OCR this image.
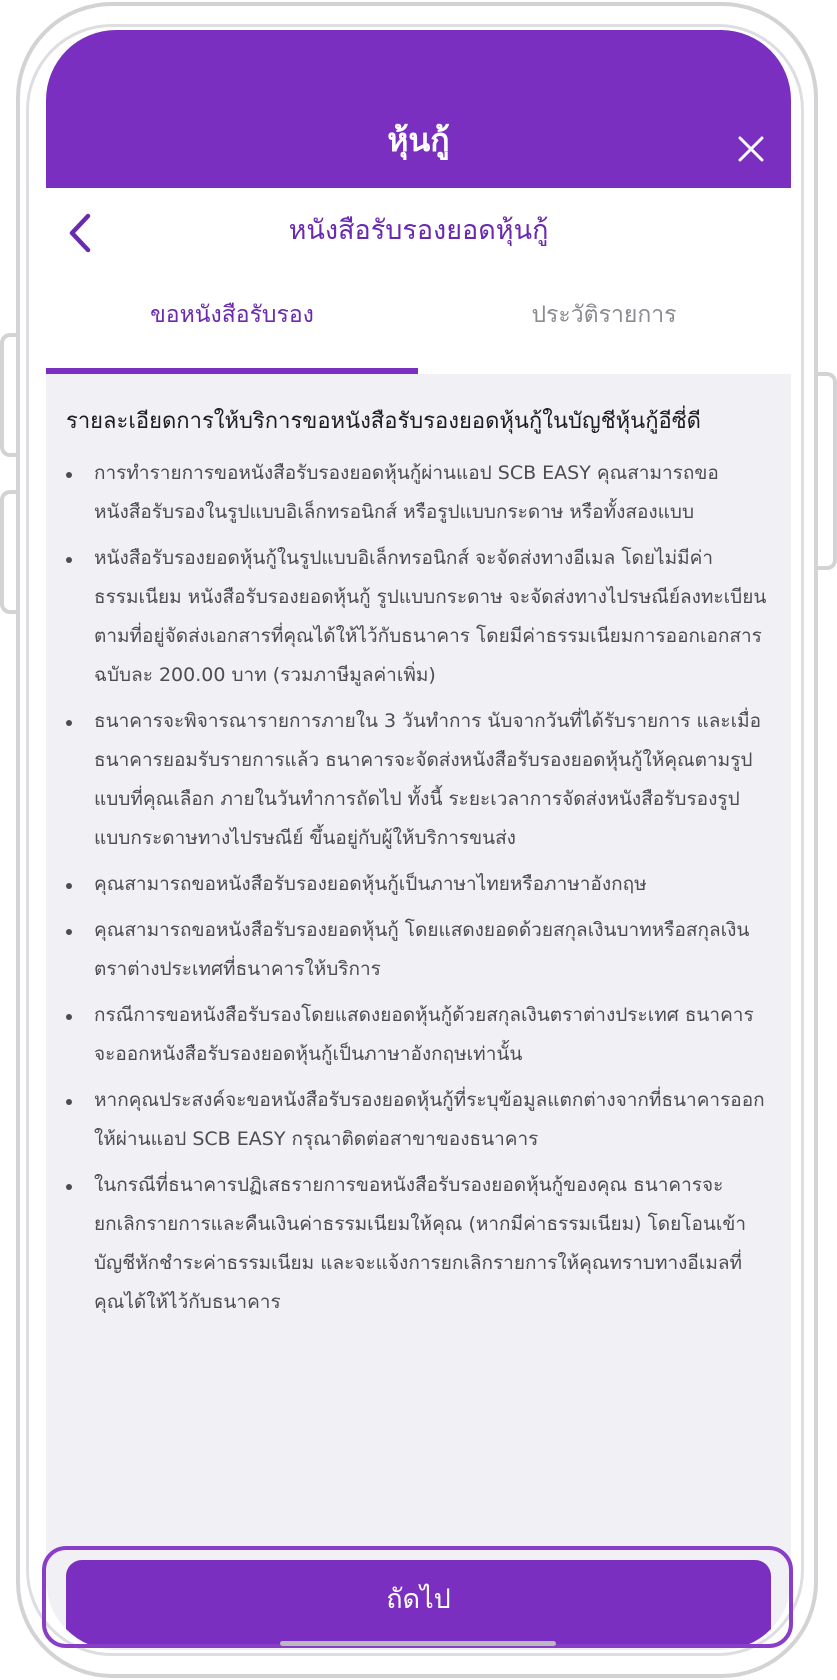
หุ้นกู้
หนังสือรับรองยอดหุ้นกู้
ขอหนังสือรับรอง	ประวัติรายการ
รายละเอียดการให้บริการขอหนังสือรับรองยอดหุ้นกู้ในบัญชีหุ้นกู้อีซี่ดี
การทำรายการขอหนังสือรับรองยอดหุ้นกู้ผ่านแอป SCB EASY คุณสามารถขอหนังสือรับรองในรูปแบบอิเล็กทรอนิกส์ หรือรูปแบบกระดาษ หรือทั้งสองแบบ
หนังสือรับรองยอดหุ้นกู้ในรูปแบบอิเล็กทรอนิกส์ จะจัดส่งทางอีเมล โดยไม่มีค่าธรรมเนียม หนังสือรับรองยอดหุ้นกู้ รูปแบบกระดาษ จะจัดส่งทางไปรษณีย์ลงทะเบียน ตามที่อยู่จัดส่งเอกสารที่คุณได้ให้ไว้กับธนาคาร โดยมีค่าธรรมเนียมการออกเอกสารฉบับละ 200.00 บาท (รวมภาษีมูลค่าเพิ่ม)
ธนาคารจะพิจารณารายการภายใน 3 วันทำการ นับจากวันที่ได้รับรายการ และเมื่อธนาคารยอมรับรายการแล้ว ธนาคารจะจัดส่งหนังสือรับรองยอดหุ้นกู้ให้คุณตามรูปแบบที่คุณเลือก ภายในวันทำการถัดไป ทั้งนี้ ระยะเวลาการจัดส่งหนังสือรับรองรูปแบบกระดาษทางไปรษณีย์ ขึ้นอยู่กับผู้ให้บริการขนส่ง
คุณสามารถขอหนังสือรับรองยอดหุ้นกู้เป็นภาษาไทยหรือภาษาอังกฤษ
คุณสามารถขอหนังสือรับรองยอดหุ้นกู้ โดยแสดงยอดด้วยสกุลเงินบาทหรือสกุลเงินตราต่างประเทศที่ธนาคารให้บริการ
กรณีการขอหนังสือรับรองโดยแสดงยอดหุ้นกู้ด้วยสกุลเงินตราต่างประเทศ ธนาคารจะออกหนังสือรับรองยอดหุ้นกู้เป็นภาษาอังกฤษเท่านั้น
หากคุณประสงค์จะขอหนังสือรับรองยอดหุ้นกู้ที่ระบุข้อมูลแตกต่างจากที่ธนาคารออกให้ผ่านแอป SCB EASY กรุณาติดต่อสาขาของธนาคาร
ในกรณีที่ธนาคารปฏิเสธรายการขอหนังสือรับรองยอดหุ้นกู้ของคุณ ธนาคารจะยกเลิกรายการและคืนเงินค่าธรรมเนียมให้คุณ (หากมีค่าธรรมเนียม) โดยโอนเข้าบัญชีหักชำระค่าธรรมเนียม และจะแจ้งการยกเลิกรายการให้คุณทราบทางอีเมลที่คุณได้ให้ไว้กับธนาคาร
ถัดไป
